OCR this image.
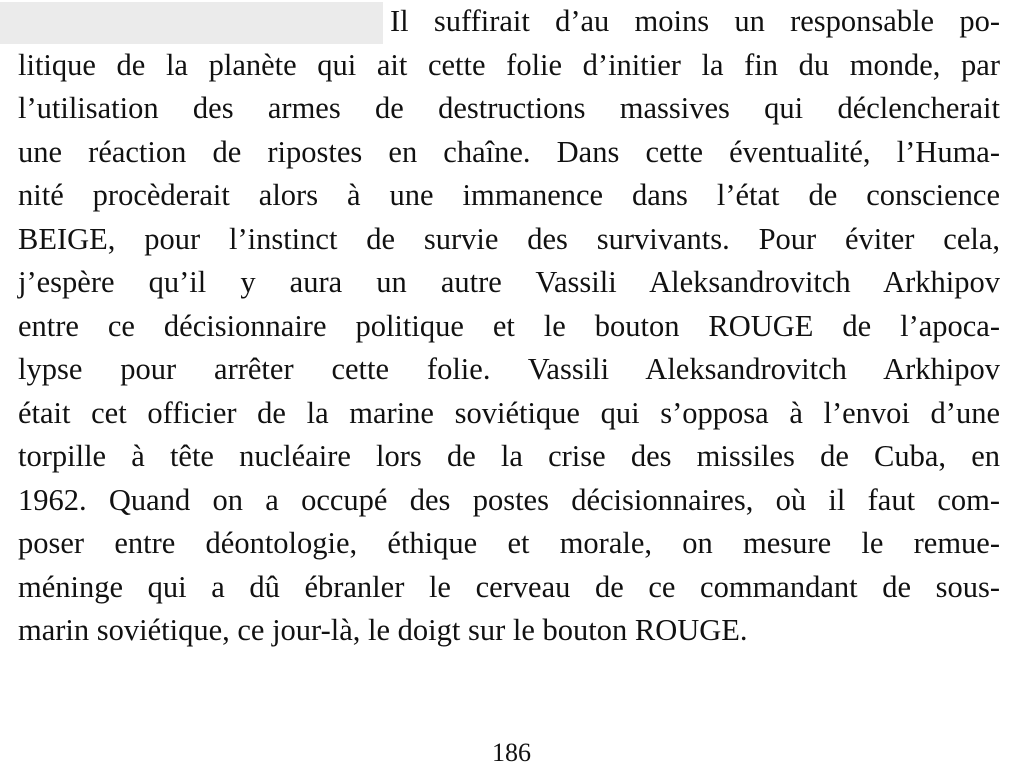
Il suffirait d’au moins un responsable po-
litique de la planète qui ait cette folie d’initier la fin du monde, par
l’utilisation des armes de destructions massives qui déclencherait
une réaction de ripostes en chaîne. Dans cette éventualité, l’Huma-
nité procèderait alors à une immanence dans l’état de conscience
BEIGE, pour l’instinct de survie des survivants. Pour éviter cela,
j’espère qu’il y aura un autre Vassili Aleksandrovitch Arkhipov
entre ce décisionnaire politique et le bouton ROUGE de l’apoca-
lypse pour arrêter cette folie. Vassili Aleksandrovitch Arkhipov
était cet officier de la marine soviétique qui s’opposa à l’envoi d’une
torpille à tête nucléaire lors de la crise des missiles de Cuba, en
1962. Quand on a occupé des postes décisionnaires, où il faut com-
poser entre déontologie, éthique et morale, on mesure le remue-
méninge qui a dû ébranler le cerveau de ce commandant de sous-
marin soviétique, ce jour-là, le doigt sur le bouton ROUGE.
186
